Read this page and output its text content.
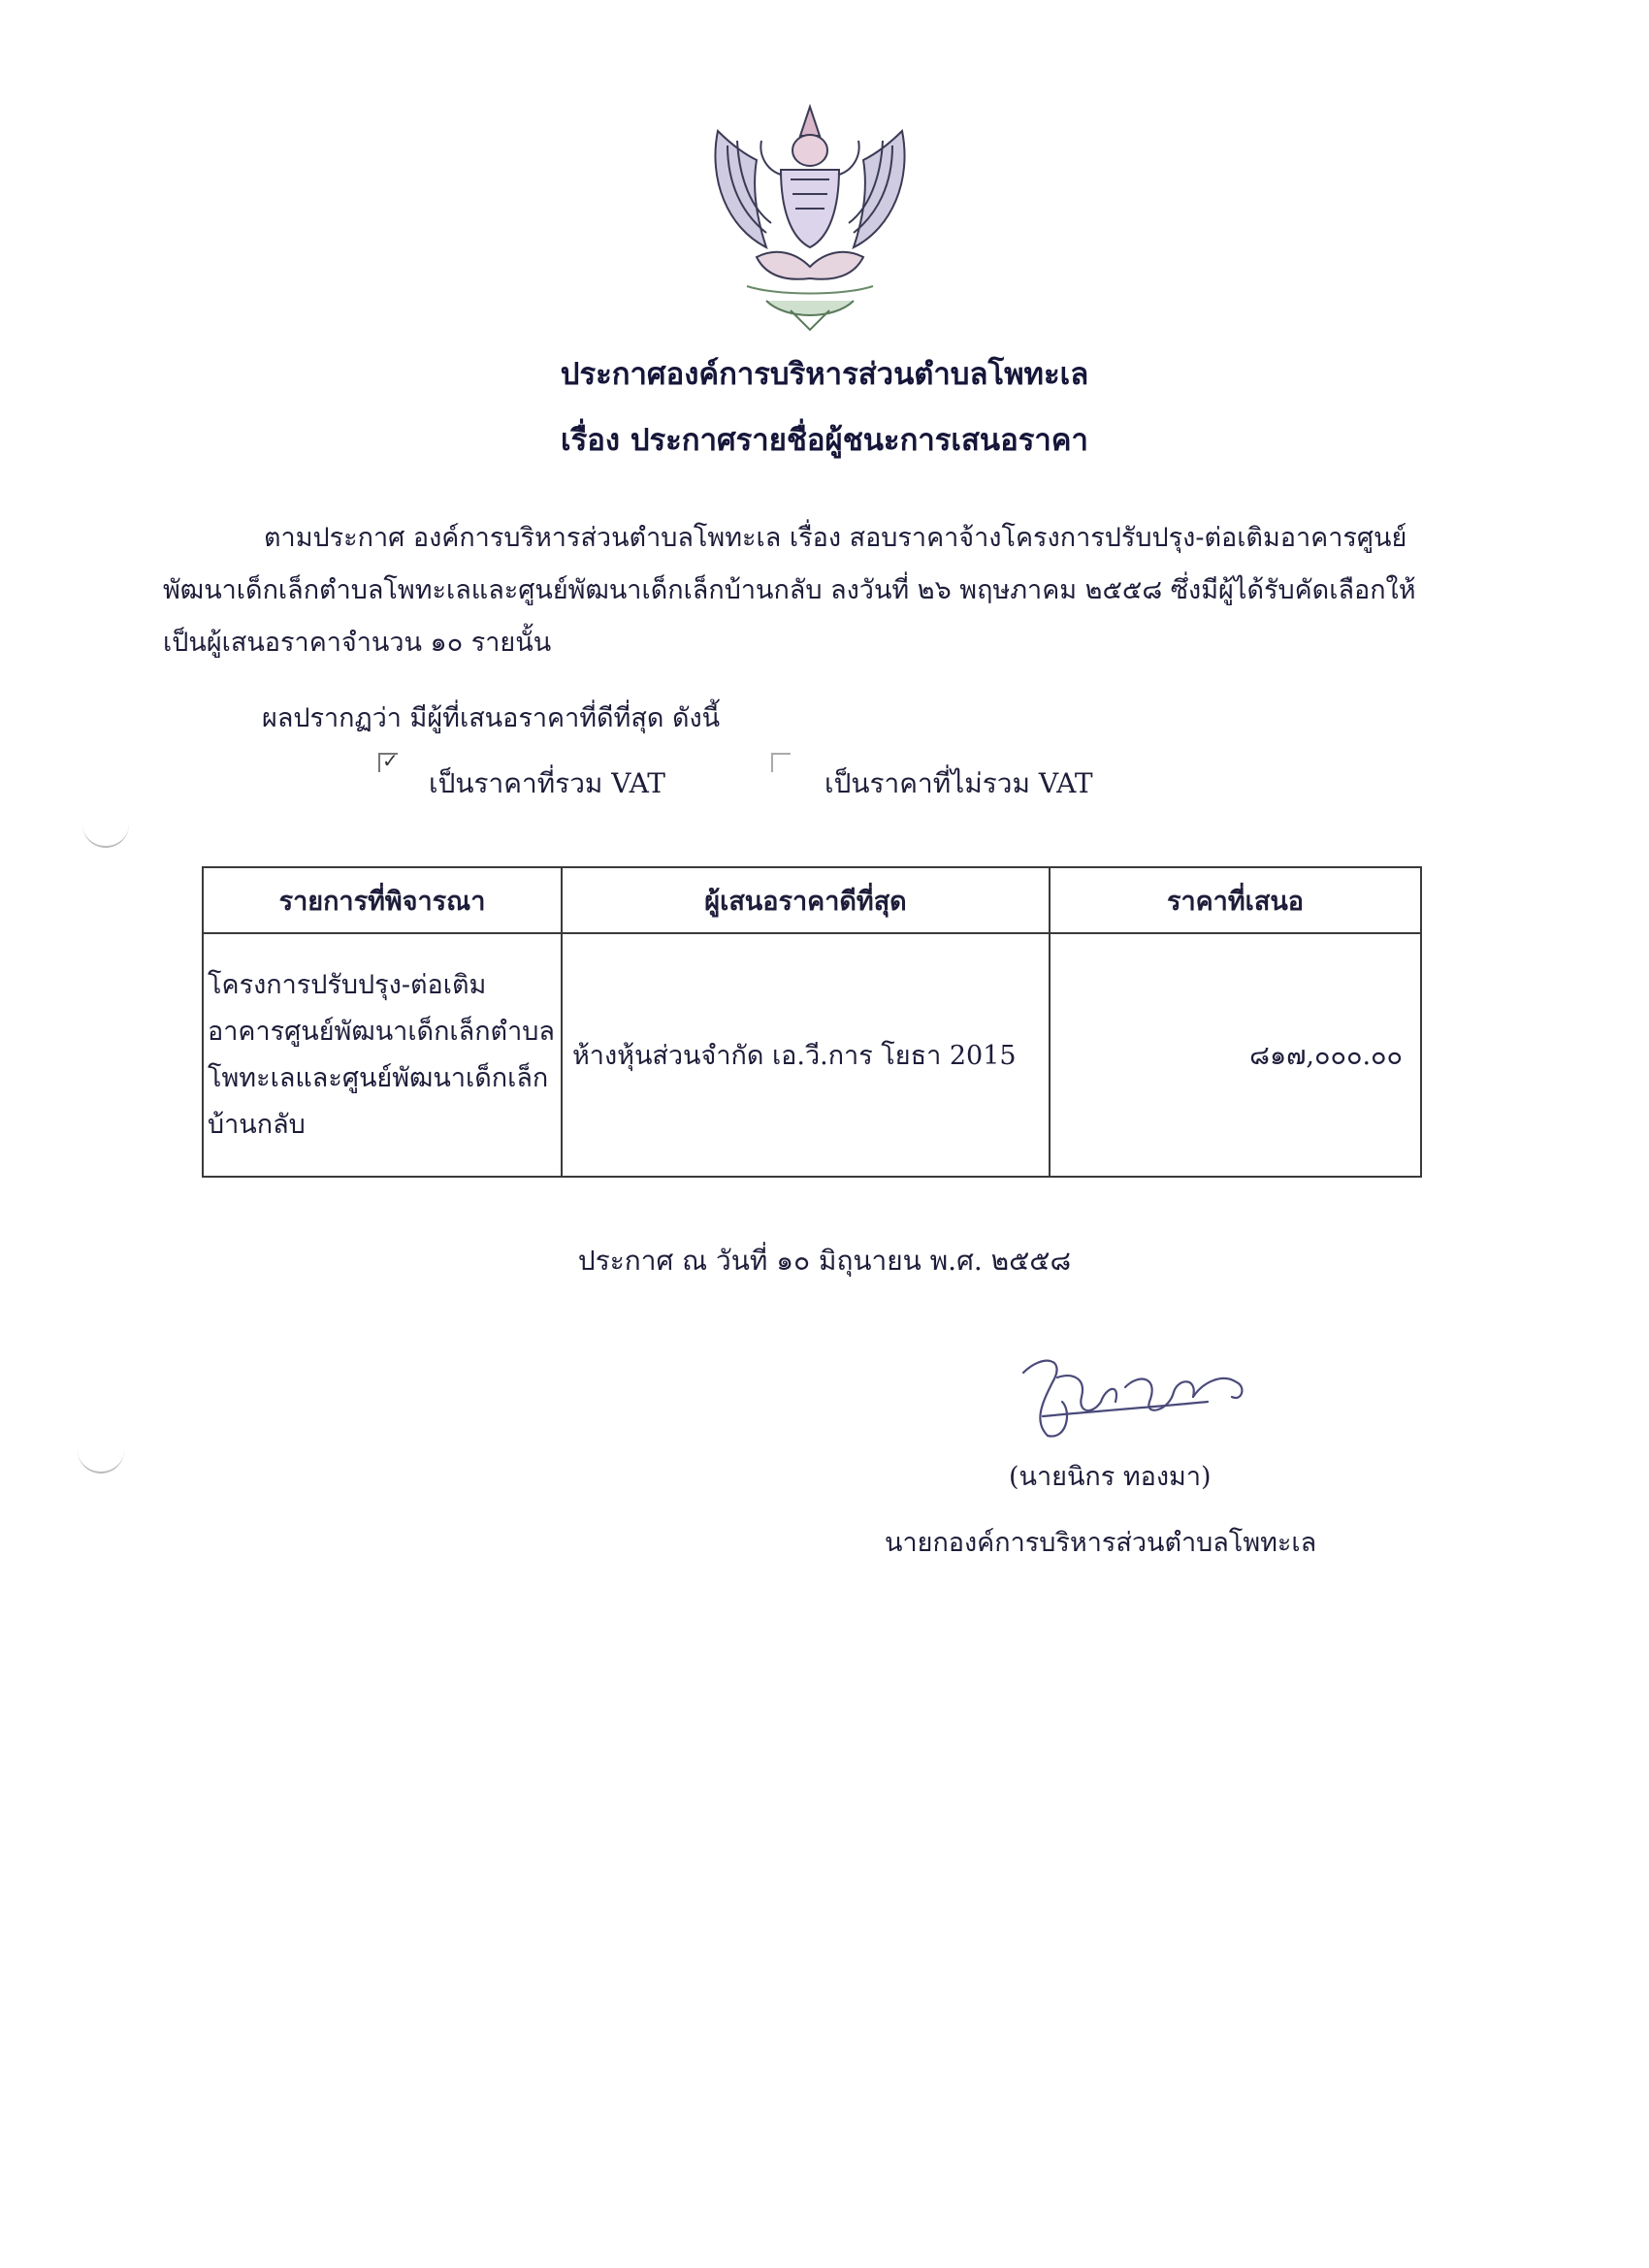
ประกาศองค์การบริหารส่วนตำบลโพทะเล
เรื่อง ประกาศรายชื่อผู้ชนะการเสนอราคา
ตามประกาศ องค์การบริหารส่วนตำบลโพทะเล เรื่อง สอบราคาจ้างโครงการปรับปรุง-ต่อเติมอาคารศูนย์พัฒนาเด็กเล็กตำบลโพทะเลและศูนย์พัฒนาเด็กเล็กบ้านกลับ ลงวันที่ ๒๖ พฤษภาคม ๒๕๕๘ ซึ่งมีผู้ได้รับคัดเลือกให้เป็นผู้เสนอราคาจำนวน ๑๐ รายนั้น
ผลปรากฏว่า มีผู้ที่เสนอราคาที่ดีที่สุด ดังนี้
✓
เป็นราคาที่รวม VAT	เป็นราคาที่ไม่รวม VAT
รายการที่พิจารณา	ผู้เสนอราคาดีที่สุด	ราคาที่เสนอ
โครงการปรับปรุง-ต่อเติมอาคารศูนย์พัฒนาเด็กเล็กตำบลโพทะเลและศูนย์พัฒนาเด็กเล็กบ้านกลับ	ห้างหุ้นส่วนจำกัด เอ.วี.การ โยธา 2015	๘๑๗,๐๐๐.๐๐
ประกาศ ณ วันที่ ๑๐ มิถุนายน พ.ศ. ๒๕๕๘
(นายนิกร ทองมา)
นายกองค์การบริหารส่วนตำบลโพทะเล
